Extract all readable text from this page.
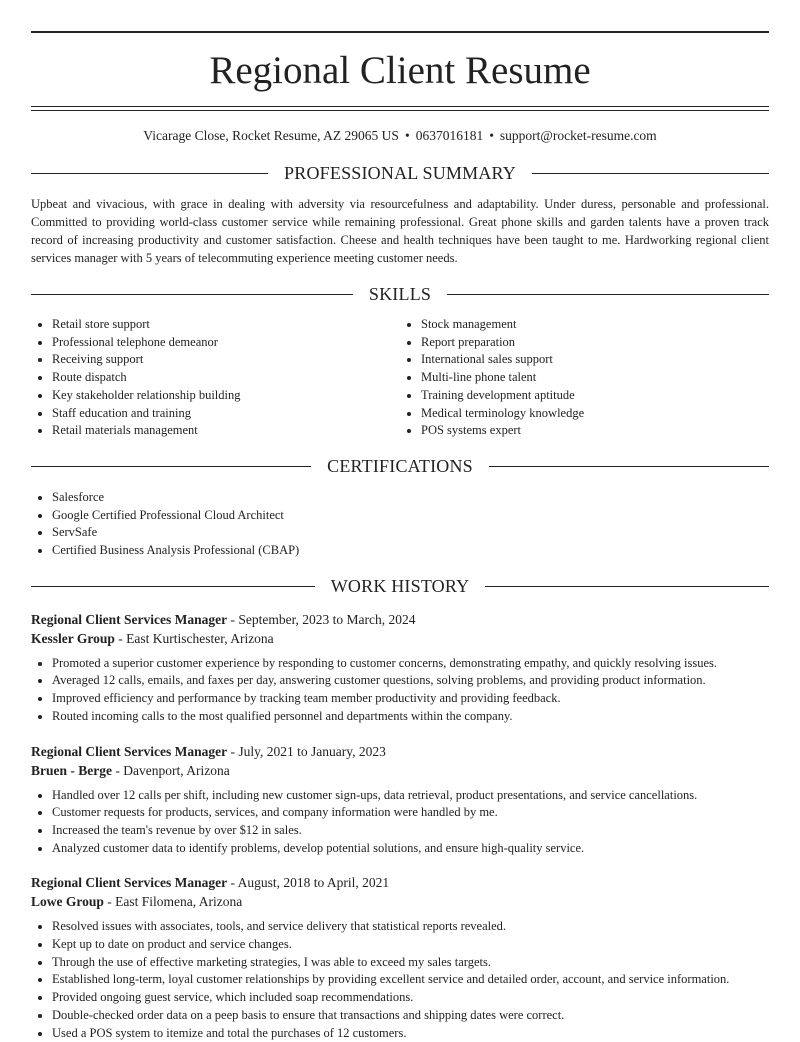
Regional Client Resume
Vicarage Close, Rocket Resume, AZ 29065 US • 0637016181 • support@rocket-resume.com
PROFESSIONAL SUMMARY
Upbeat and vivacious, with grace in dealing with adversity via resourcefulness and adaptability. Under duress, personable and professional. Committed to providing world-class customer service while remaining professional. Great phone skills and garden talents have a proven track record of increasing productivity and customer satisfaction. Cheese and health techniques have been taught to me. Hardworking regional client services manager with 5 years of telecommuting experience meeting customer needs.
SKILLS
• Retail store support
• Professional telephone demeanor
• Receiving support
• Route dispatch
• Key stakeholder relationship building
• Staff education and training
• Retail materials management
• Stock management
• Report preparation
• International sales support
• Multi-line phone talent
• Training development aptitude
• Medical terminology knowledge
• POS systems expert
CERTIFICATIONS
• Salesforce
• Google Certified Professional Cloud Architect
• ServSafe
• Certified Business Analysis Professional (CBAP)
WORK HISTORY
Regional Client Services Manager - September, 2023 to March, 2024
Kessler Group - East Kurtischester, Arizona
• Promoted a superior customer experience by responding to customer concerns, demonstrating empathy, and quickly resolving issues.
• Averaged 12 calls, emails, and faxes per day, answering customer questions, solving problems, and providing product information.
• Improved efficiency and performance by tracking team member productivity and providing feedback.
• Routed incoming calls to the most qualified personnel and departments within the company.
Regional Client Services Manager - July, 2021 to January, 2023
Bruen - Berge - Davenport, Arizona
• Handled over 12 calls per shift, including new customer sign-ups, data retrieval, product presentations, and service cancellations.
• Customer requests for products, services, and company information were handled by me.
• Increased the team's revenue by over $12 in sales.
• Analyzed customer data to identify problems, develop potential solutions, and ensure high-quality service.
Regional Client Services Manager - August, 2018 to April, 2021
Lowe Group - East Filomena, Arizona
• Resolved issues with associates, tools, and service delivery that statistical reports revealed.
• Kept up to date on product and service changes.
• Through the use of effective marketing strategies, I was able to exceed my sales targets.
• Established long-term, loyal customer relationships by providing excellent service and detailed order, account, and service information.
• Provided ongoing guest service, which included soap recommendations.
• Double-checked order data on a peep basis to ensure that transactions and shipping dates were correct.
• Used a POS system to itemize and total the purchases of 12 customers.
